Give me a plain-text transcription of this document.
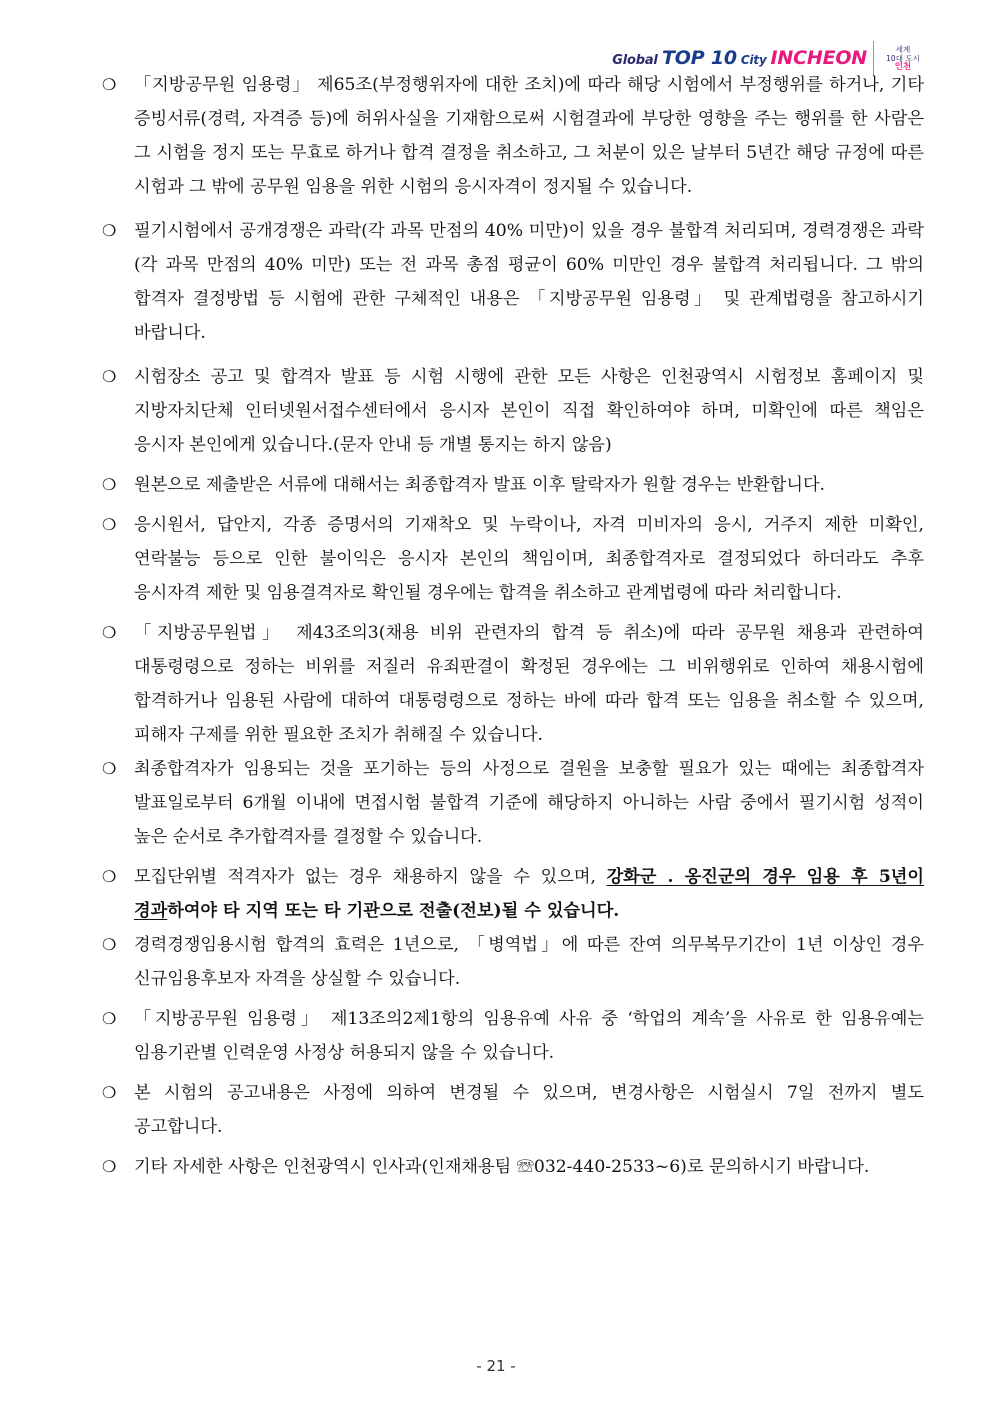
Global TOP 10 City INCHEON	세계
10대 도시
인천
❍ 「지방공무원 임용령」 제65조(부정행위자에 대한 조치)에 따라 해당 시험에서 부정행위를 하거나, 기타 증빙서류(경력, 자격증 등)에 허위사실을 기재함으로써 시험결과에 부당한 영향을 주는 행위를 한 사람은 그 시험을 정지 또는 무효로 하거나 합격 결정을 취소하고, 그 처분이 있은 날부터 5년간 해당 규정에 따른 시험과 그 밖에 공무원 임용을 위한 시험의 응시자격이 정지될 수 있습니다.
❍ 필기시험에서 공개경쟁은 과락(각 과목 만점의 40% 미만)이 있을 경우 불합격 처리되며, 경력경쟁은 과락(각 과목 만점의 40% 미만) 또는 전 과목 총점 평균이 60% 미만인 경우 불합격 처리됩니다. 그 밖의 합격자 결정방법 등 시험에 관한 구체적인 내용은 「지방공무원 임용령」 및 관계법령을 참고하시기 바랍니다.
❍ 시험장소 공고 및 합격자 발표 등 시험 시행에 관한 모든 사항은 인천광역시 시험정보 홈페이지 및 지방자치단체 인터넷원서접수센터에서 응시자 본인이 직접 확인하여야 하며, 미확인에 따른 책임은 응시자 본인에게 있습니다.(문자 안내 등 개별 통지는 하지 않음)
❍ 원본으로 제출받은 서류에 대해서는 최종합격자 발표 이후 탈락자가 원할 경우는 반환합니다.
❍ 응시원서, 답안지, 각종 증명서의 기재착오 및 누락이나, 자격 미비자의 응시, 거주지 제한 미확인, 연락불능 등으로 인한 불이익은 응시자 본인의 책임이며, 최종합격자로 결정되었다 하더라도 추후 응시자격 제한 및 임용결격자로 확인될 경우에는 합격을 취소하고 관계법령에 따라 처리합니다.
❍ 「지방공무원법」 제43조의3(채용 비위 관련자의 합격 등 취소)에 따라 공무원 채용과 관련하여 대통령령으로 정하는 비위를 저질러 유죄판결이 확정된 경우에는 그 비위행위로 인하여 채용시험에 합격하거나 임용된 사람에 대하여 대통령령으로 정하는 바에 따라 합격 또는 임용을 취소할 수 있으며, 피해자 구제를 위한 필요한 조치가 취해질 수 있습니다.
❍ 최종합격자가 임용되는 것을 포기하는 등의 사정으로 결원을 보충할 필요가 있는 때에는 최종합격자 발표일로부터 6개월 이내에 면접시험 불합격 기준에 해당하지 아니하는 사람 중에서 필기시험 성적이 높은 순서로 추가합격자를 결정할 수 있습니다.
❍ 모집단위별 적격자가 없는 경우 채용하지 않을 수 있으며, 강화군 . 옹진군의 경우 임용 후 5년이 경과하여야 타 지역 또는 타 기관으로 전출(전보)될 수 있습니다.
❍ 경력경쟁임용시험 합격의 효력은 1년으로, 「병역법」에 따른 잔여 의무복무기간이 1년 이상인 경우 신규임용후보자 자격을 상실할 수 있습니다.
❍ 「지방공무원 임용령」 제13조의2제1항의 임용유예 사유 중 ‘학업의 계속’을 사유로 한 임용유예는 임용기관별 인력운영 사정상 허용되지 않을 수 있습니다.
❍ 본 시험의 공고내용은 사정에 의하여 변경될 수 있으며, 변경사항은 시험실시 7일 전까지 별도 공고합니다.
❍ 기타 자세한 사항은 인천광역시 인사과(인재채용팀 ☏032-440-2533~6)로 문의하시기 바랍니다.
- 21 -
